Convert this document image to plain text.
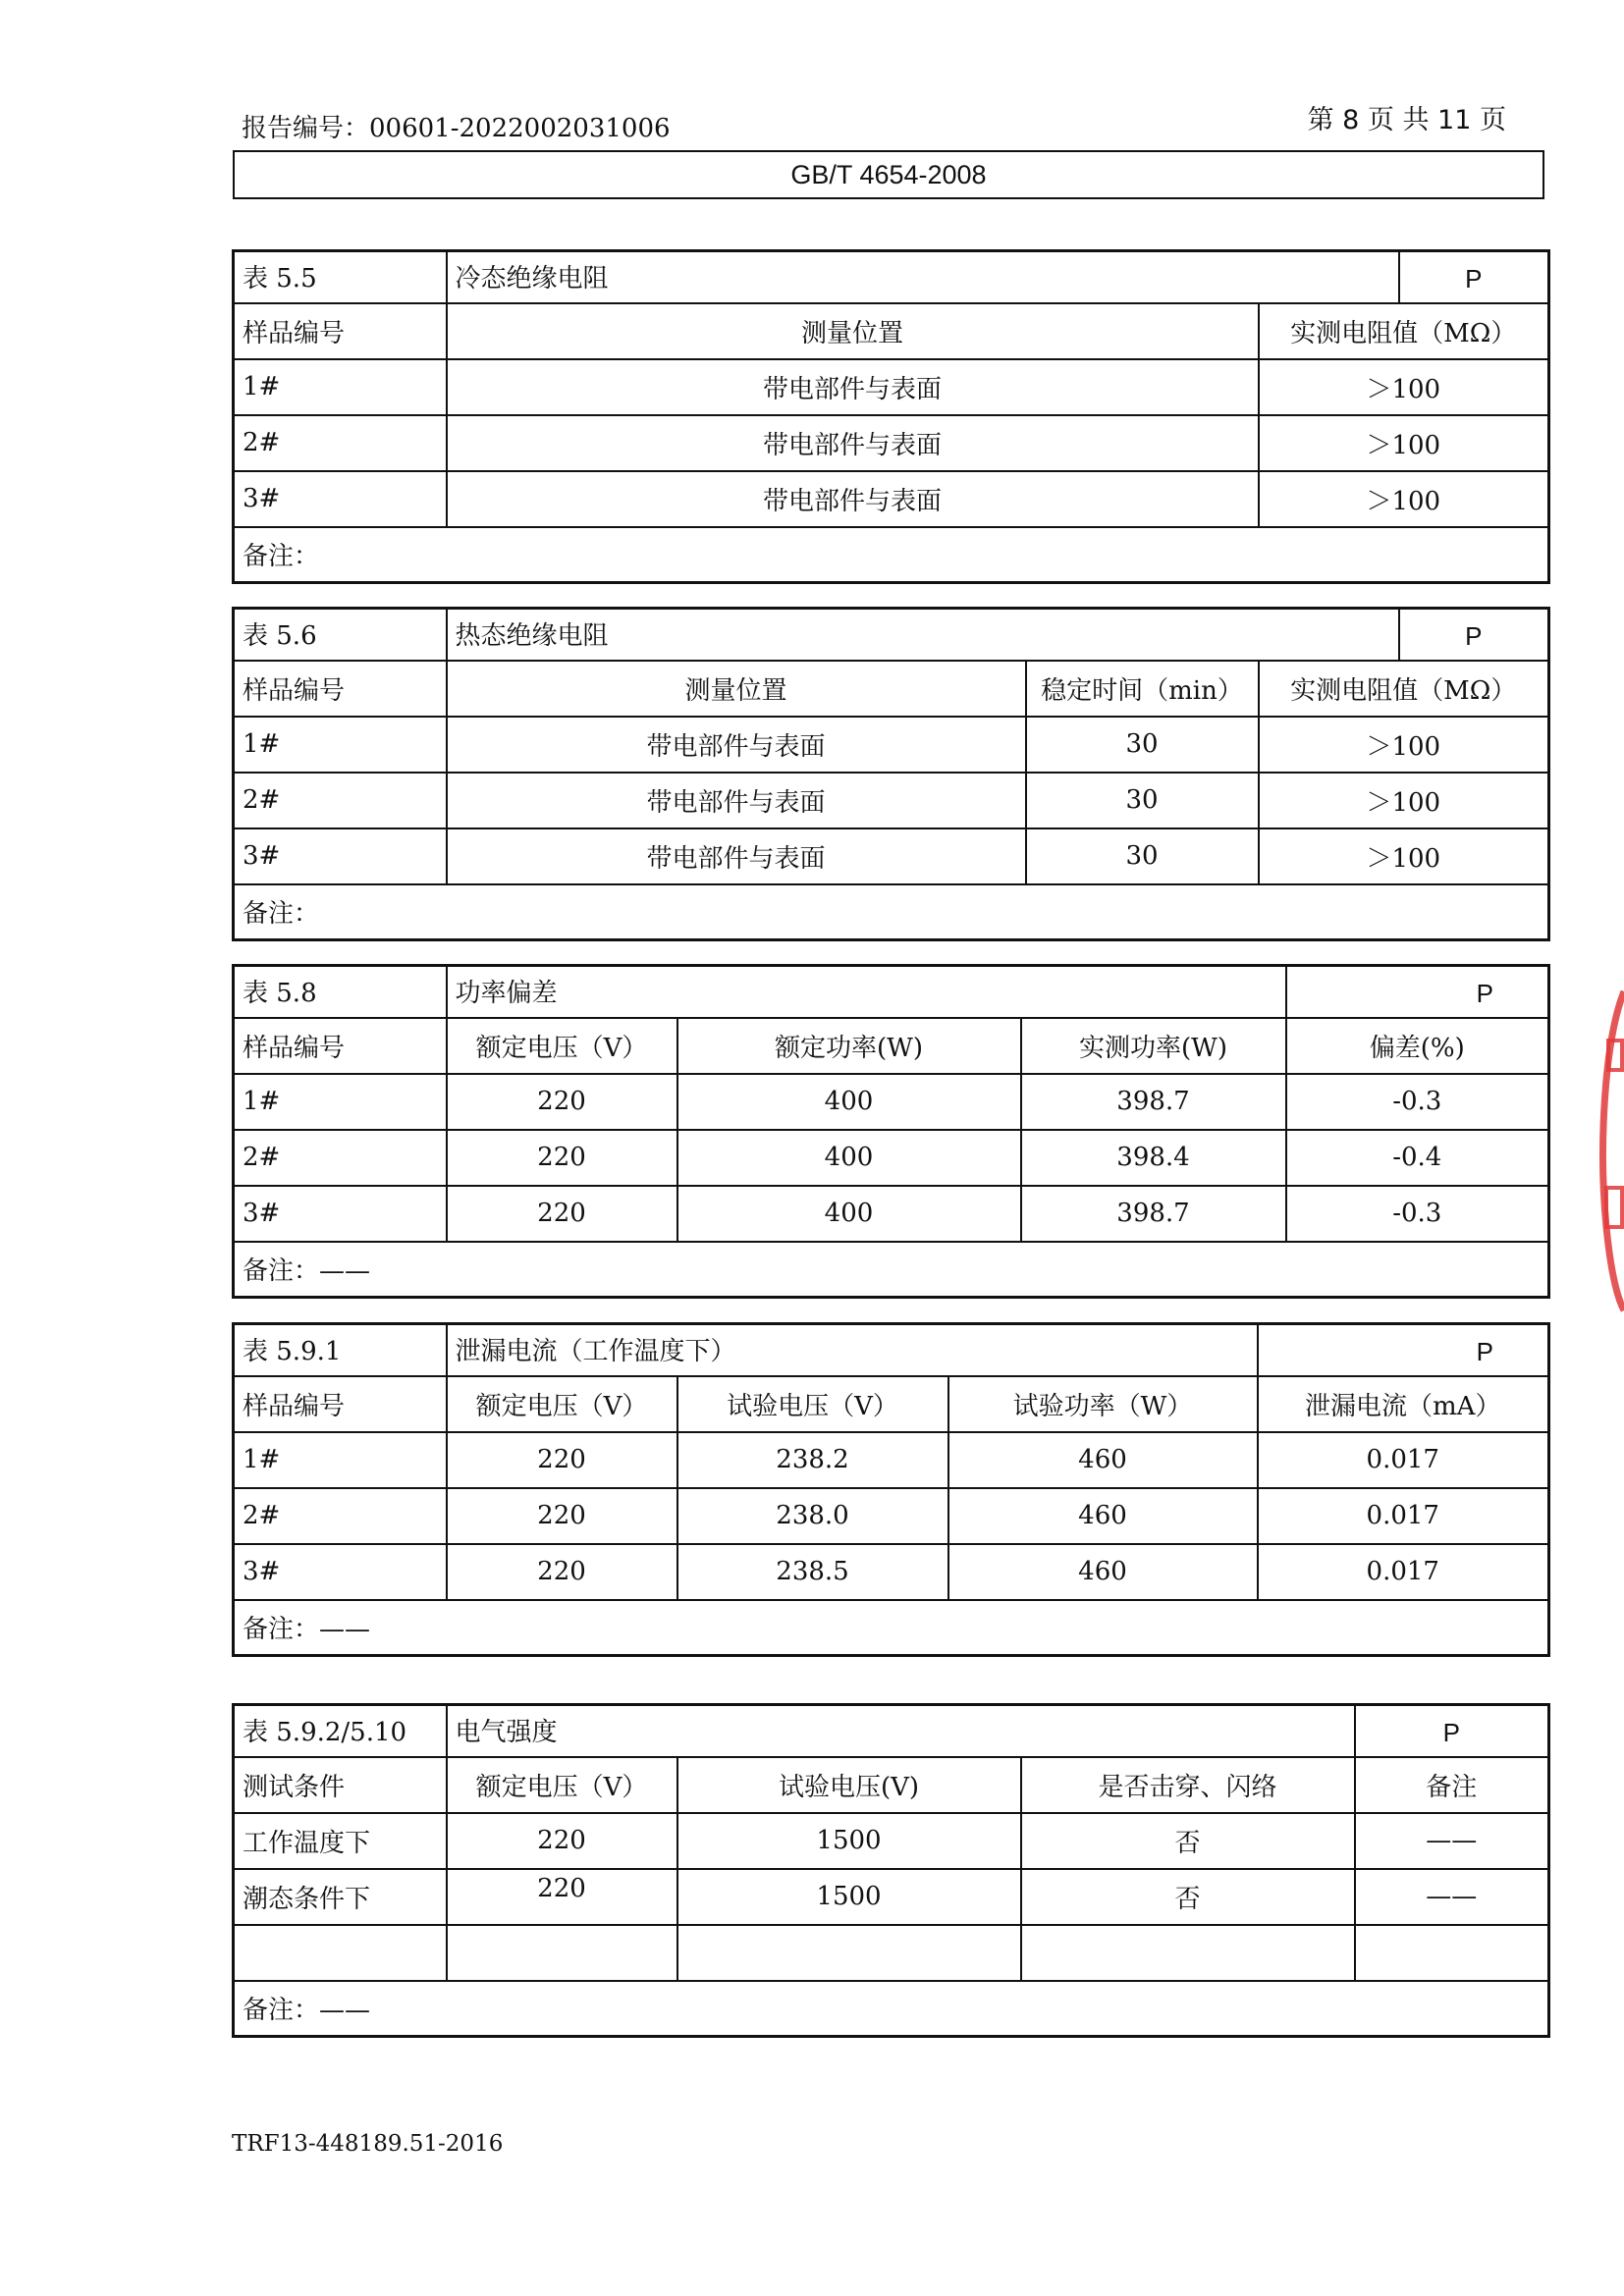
报告编号：00601-2022002031006	第 8 页 共 11 页
GB/T 4654-2008
表 5.5	冷态绝缘电阻		P
样品编号	测量位置	实测电阻值（MΩ）	
1#	带电部件与表面	＞100	
2#	带电部件与表面	＞100	
3#	带电部件与表面	＞100	
备注：			
表 5.6	热态绝缘电阻			P
样品编号	测量位置	稳定时间（min）	实测电阻值（MΩ）	
1#	带电部件与表面	30	＞100	
2#	带电部件与表面	30	＞100	
3#	带电部件与表面	30	＞100	
备注：				
表 5.8	功率偏差			P
样品编号	额定电压（V）	额定功率(W)	实测功率(W)	偏差(%)
1#	220	400	398.7	-0.3
2#	220	400	398.4	-0.4
3#	220	400	398.7	-0.3
备注：——				
表 5.9.1	泄漏电流（工作温度下）			P
样品编号	额定电压（V）	试验电压（V）	试验功率（W）	泄漏电流（mA）
1#	220	238.2	460	0.017
2#	220	238.0	460	0.017
3#	220	238.5	460	0.017
备注：——				
表 5.9.2/5.10	电气强度			P
测试条件	额定电压（V）	试验电压(V)	是否击穿、闪络	备注
工作温度下	220	1500	否	——
潮态条件下	220	1500	否	——

备注：——				
TRF13-448189.51-2016
